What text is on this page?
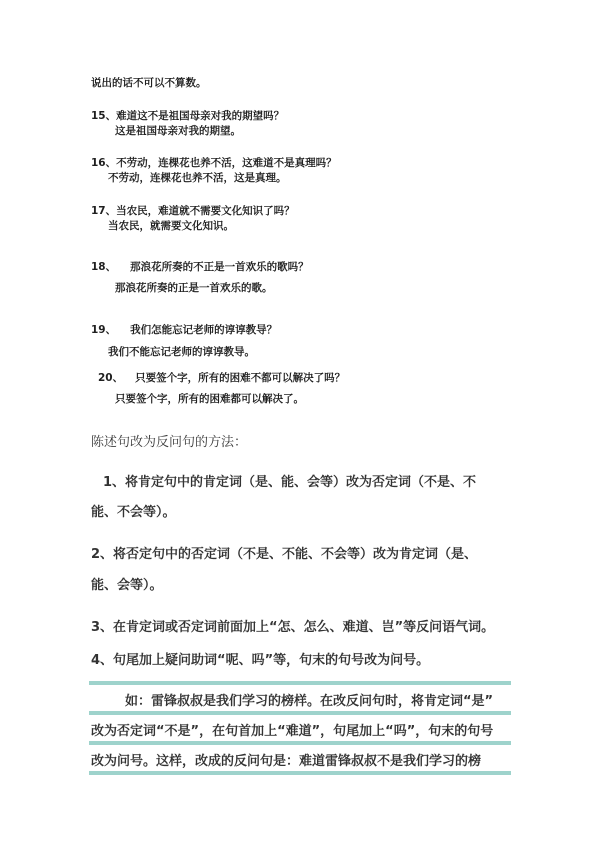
说出的话不可以不算数。
15、难道这不是祖国母亲对我的期望吗？
这是祖国母亲对我的期望。
16、不劳动，连棵花也养不活，这难道不是真理吗？
不劳动，连棵花也养不活，这是真理。
17、当农民，难道就不需要文化知识了吗？
当农民，就需要文化知识。
18、 那浪花所奏的不正是一首欢乐的歌吗？
那浪花所奏的正是一首欢乐的歌。
19、 我们怎能忘记老师的谆谆教导？
我们不能忘记老师的谆谆教导。
20、 只要签个字，所有的困难不都可以解决了吗？
只要签个字，所有的困难都可以解决了。
陈述句改为反问句的方法：
1、将肯定句中的肯定词（是、能、会等）改为否定词（不是、不
能、不会等）。
2、将否定句中的否定词（不是、不能、不会等）改为肯定词（是、
能、会等）。
3、在肯定词或否定词前面加上“怎、怎么、难道、岂”等反问语气词。
4、句尾加上疑问助词“呢、吗”等，句末的句号改为问号。
如：雷锋叔叔是我们学习的榜样。在改反问句时，将肯定词“是”
改为否定词“不是”，在句首加上“难道”，句尾加上“吗”，句末的句号
改为问号。这样，改成的反问句是：难道雷锋叔叔不是我们学习的榜
